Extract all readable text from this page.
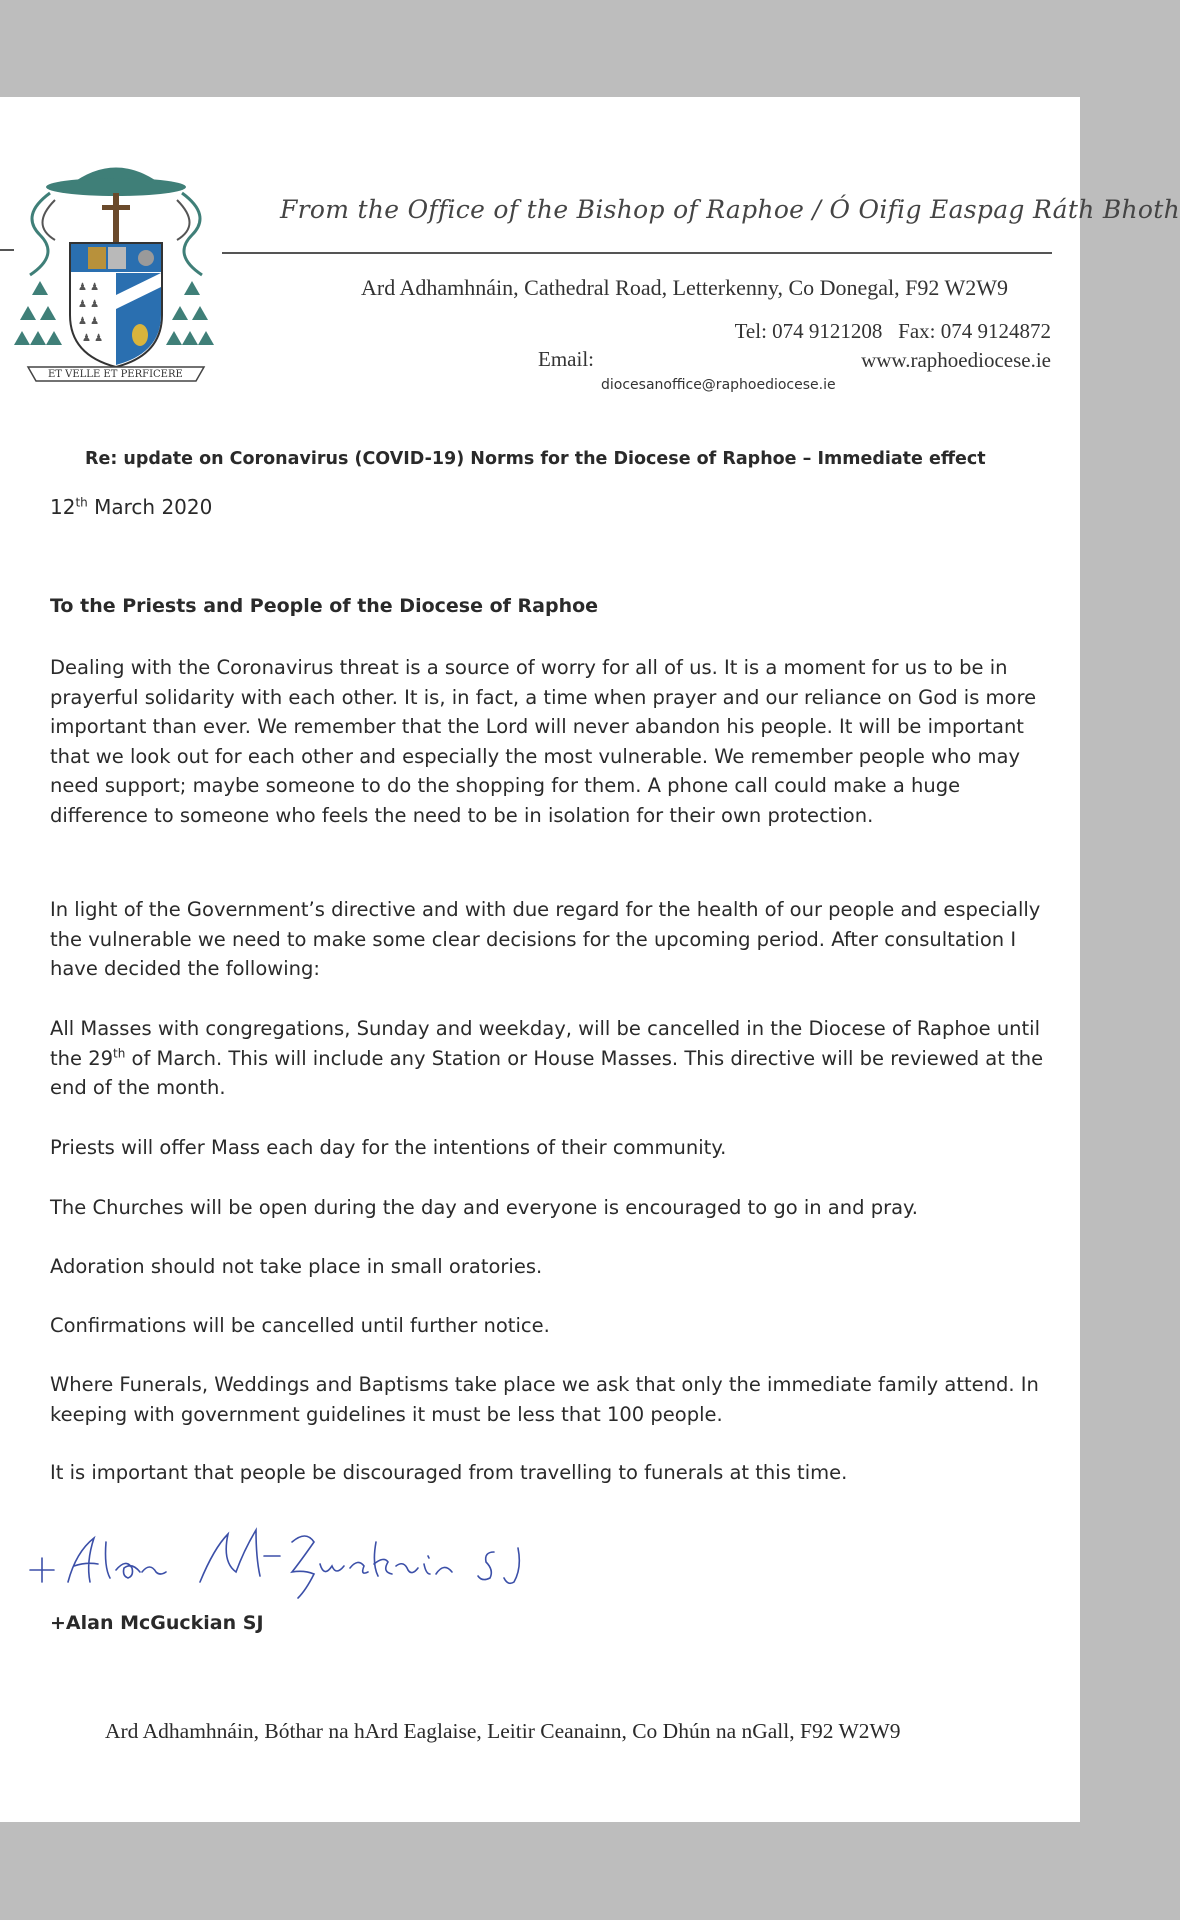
♟ ♟
♟ ♟
♟ ♟
♟ ♟
ET VELLE ET PERFICERE
From the Office of the Bishop of Raphoe / Ó Oifig Easpag Ráth Bhoth
Ard Adhamhnáin, Cathedral Road, Letterkenny, Co Donegal, F92 W2W9
Tel: 074 9121208   Fax: 074 9124872
Email:	www.raphoediocese.ie
diocesanoffice@raphoediocese.ie
Re: update on Coronavirus (COVID-19) Norms for the Diocese of Raphoe – Immediate effect
12th March 2020
To the Priests and People of the Diocese of Raphoe
Dealing with the Coronavirus threat is a source of worry for all of us. It is a moment for us to be in prayerful solidarity with each other. It is, in fact, a time when prayer and our reliance on God is more important than ever. We remember that the Lord will never abandon his people. It will be important that we look out for each other and especially the most vulnerable. We remember people who may need support; maybe someone to do the shopping for them. A phone call could make a huge difference to someone who feels the need to be in isolation for their own protection.
In light of the Government’s directive and with due regard for the health of our people and especially the vulnerable we need to make some clear decisions for the upcoming period. After consultation I have decided the following:
All Masses with congregations, Sunday and weekday, will be cancelled in the Diocese of Raphoe until the 29th of March. This will include any Station or House Masses. This directive will be reviewed at the end of the month.
Priests will offer Mass each day for the intentions of their community.
The Churches will be open during the day and everyone is encouraged to go in and pray.
Adoration should not take place in small oratories.
Confirmations will be cancelled until further notice.
Where Funerals, Weddings and Baptisms take place we ask that only the immediate family attend. In keeping with government guidelines it must be less that 100 people.
It is important that people be discouraged from travelling to funerals at this time.
+Alan McGuckian SJ
Ard Adhamhnáin, Bóthar na hArd Eaglaise, Leitir Ceanainn, Co Dhún na nGall, F92 W2W9
